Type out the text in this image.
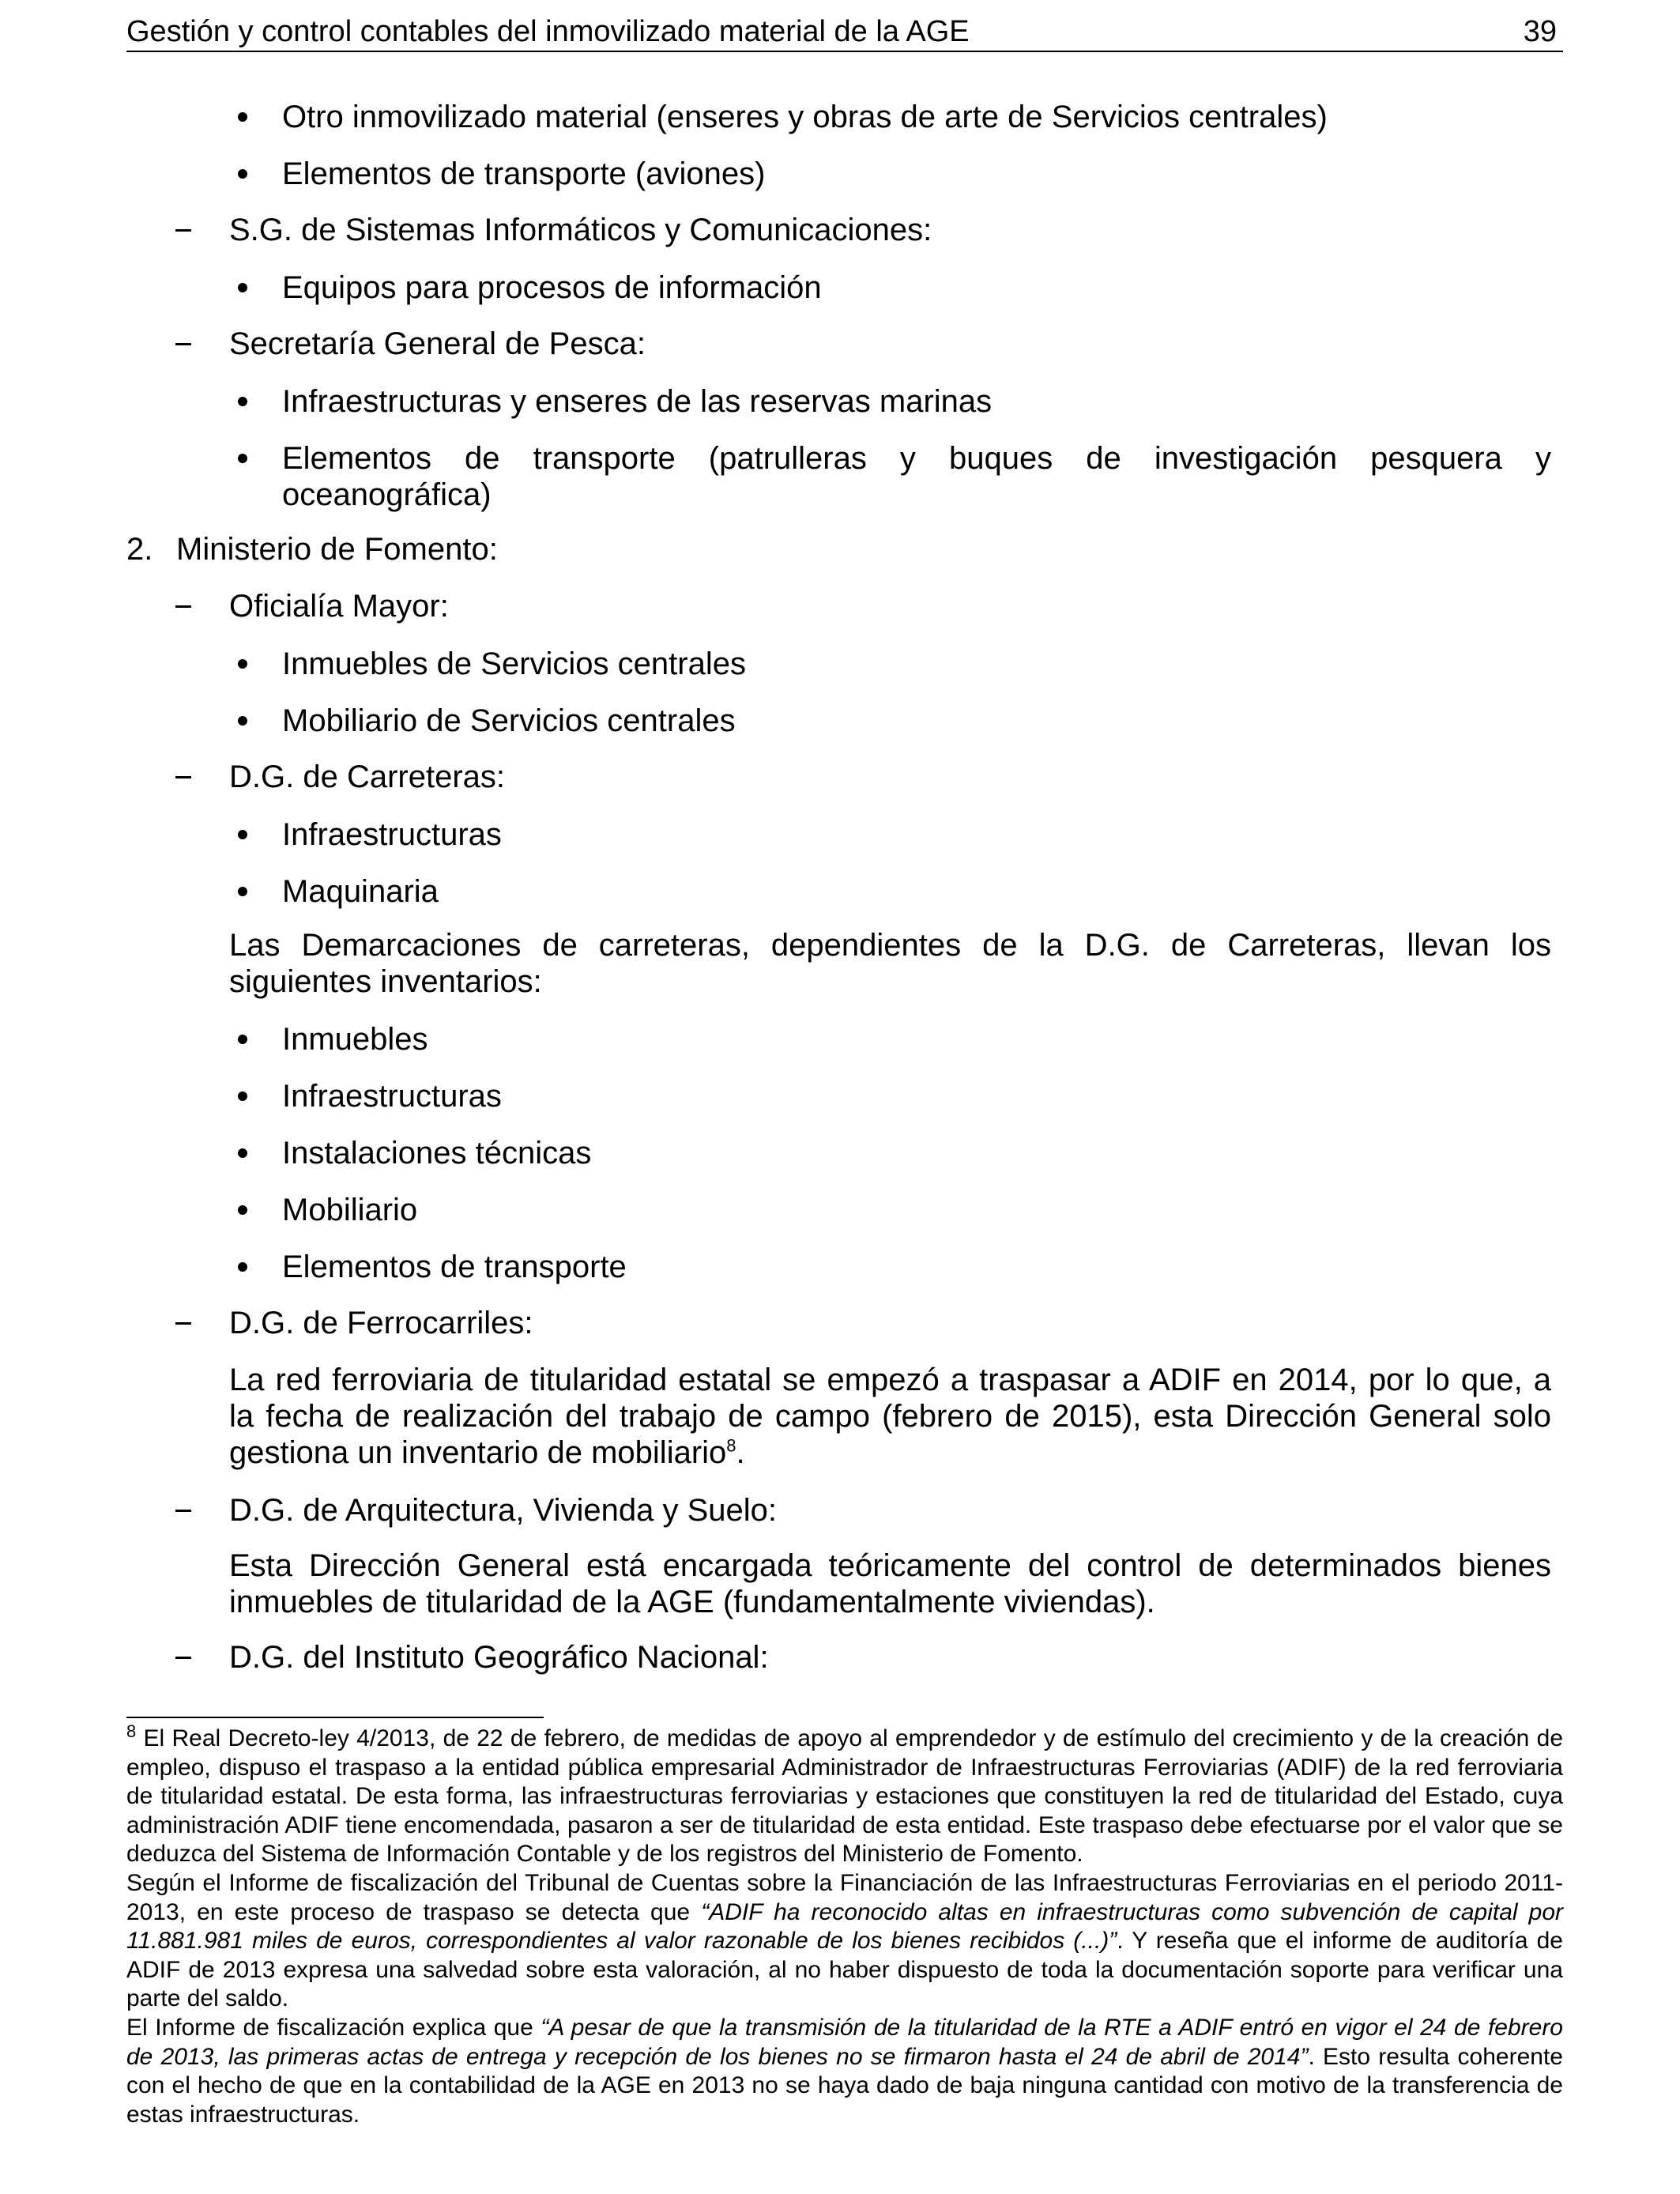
Gestión y control contables del inmovilizado material de la AGE	39
Otro inmovilizado material (enseres y obras de arte de Servicios centrales)
Elementos de transporte (aviones)
S.G. de Sistemas Informáticos y Comunicaciones:
Equipos para procesos de información
Secretaría General de Pesca:
Infraestructuras y enseres de las reservas marinas
Elementos de transporte (patrulleras y buques de investigación pesquera y
oceanográfica)
2. Ministerio de Fomento:
Oficialía Mayor:
Inmuebles de Servicios centrales
Mobiliario de Servicios centrales
D.G. de Carreteras:
Infraestructuras
Maquinaria
Las Demarcaciones de carreteras, dependientes de la D.G. de Carreteras, llevan los
siguientes inventarios:
Inmuebles
Infraestructuras
Instalaciones técnicas
Mobiliario
Elementos de transporte
D.G. de Ferrocarriles:
La red ferroviaria de titularidad estatal se empezó a traspasar a ADIF en 2014, por lo que, a
la fecha de realización del trabajo de campo (febrero de 2015), esta Dirección General solo
gestiona un inventario de mobiliario$^8$.
D.G. de Arquitectura, Vivienda y Suelo:
Esta Dirección General está encargada teóricamente del control de determinados bienes
inmuebles de titularidad de la AGE (fundamentalmente viviendas).
D.G. del Instituto Geográfico Nacional:

$^8$ El Real Decreto-ley 4/2013, de 22 de febrero, de medidas de apoyo al emprendedor y de estímulo del crecimiento y de la creación de empleo, dispuso el traspaso a la entidad pública empresarial Administrador de Infraestructuras Ferroviarias (ADIF) de la red ferroviaria de titularidad estatal. De esta forma, las infraestructuras ferroviarias y estaciones que constituyen la red de titularidad del Estado, cuya administración ADIF tiene encomendada, pasaron a ser de titularidad de esta entidad. Este traspaso debe efectuarse por el valor que se deduzca del Sistema de Información Contable y de los registros del Ministerio de Fomento.

Según el Informe de fiscalización del Tribunal de Cuentas sobre la Financiación de las Infraestructuras Ferroviarias en el periodo 2011-2013, en este proceso de traspaso se detecta que “ADIF ha reconocido altas en infraestructuras como subvención de capital por 11.881.981 miles de euros, correspondientes al valor razonable de los bienes recibidos (...)”. Y reseña que el informe de auditoría de ADIF de 2013 expresa una salvedad sobre esta valoración, al no haber dispuesto de toda la documentación soporte para verificar una parte del saldo.

El Informe de fiscalización explica que “A pesar de que la transmisión de la titularidad de la RTE a ADIF entró en vigor el 24 de febrero de 2013, las primeras actas de entrega y recepción de los bienes no se firmaron hasta el 24 de abril de 2014”. Esto resulta coherente con el hecho de que en la contabilidad de la AGE en 2013 no se haya dado de baja ninguna cantidad con motivo de la transferencia de estas infraestructuras.
